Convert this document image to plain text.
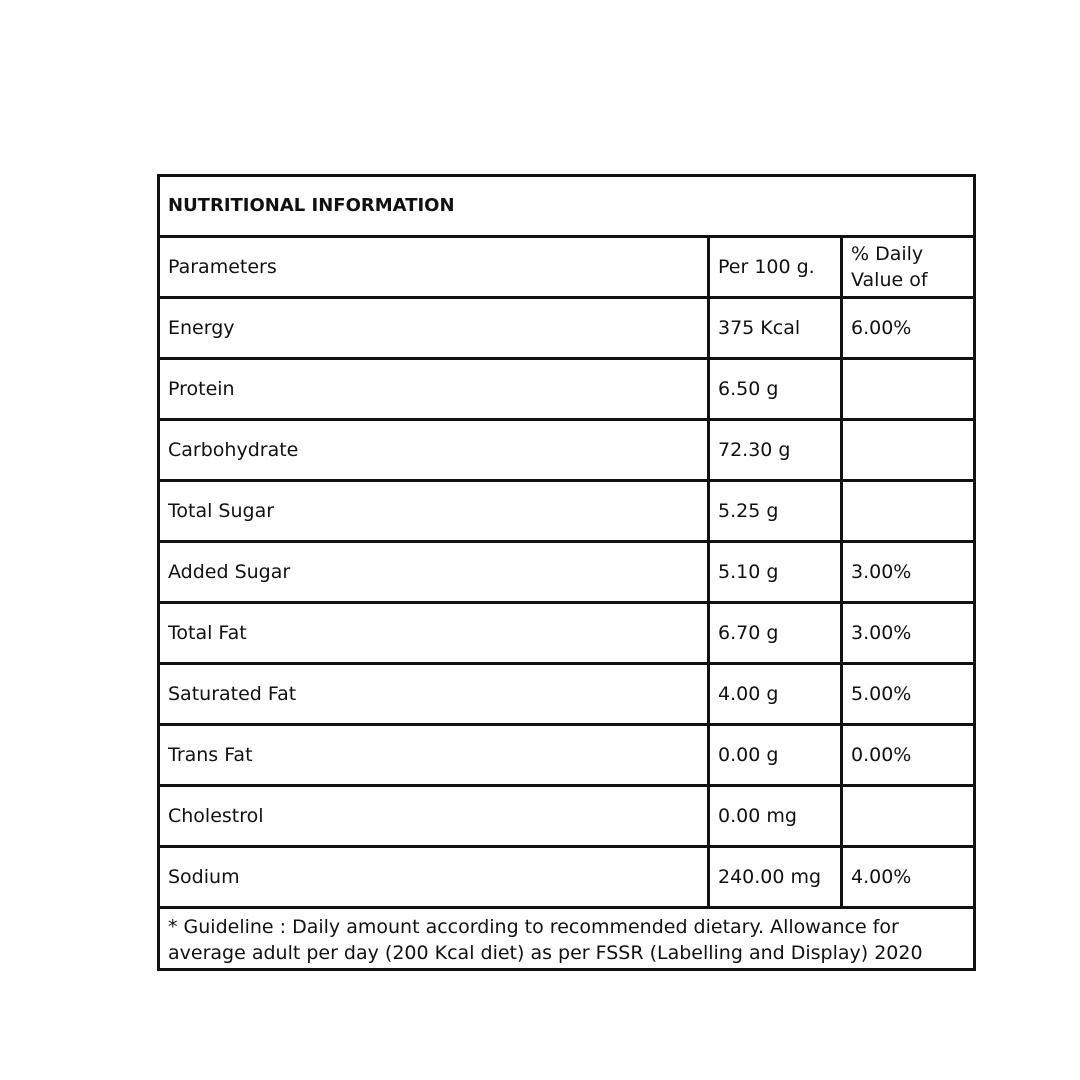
NUTRITIONAL INFORMATION		
Parameters	Per 100 g.	% Daily Value of
Energy	375 Kcal	6.00%
Protein	6.50 g	
Carbohydrate	72.30 g	
Total Sugar	5.25 g	
Added Sugar	5.10 g	3.00%
Total Fat	6.70 g	3.00%
Saturated Fat	4.00 g	5.00%
Trans Fat	0.00 g	0.00%
Cholestrol	0.00 mg	
Sodium	240.00 mg	4.00%
* Guideline : Daily amount according to recommended dietary. Allowance for average adult per day (200 Kcal diet) as per FSSR (Labelling and Display) 2020		
